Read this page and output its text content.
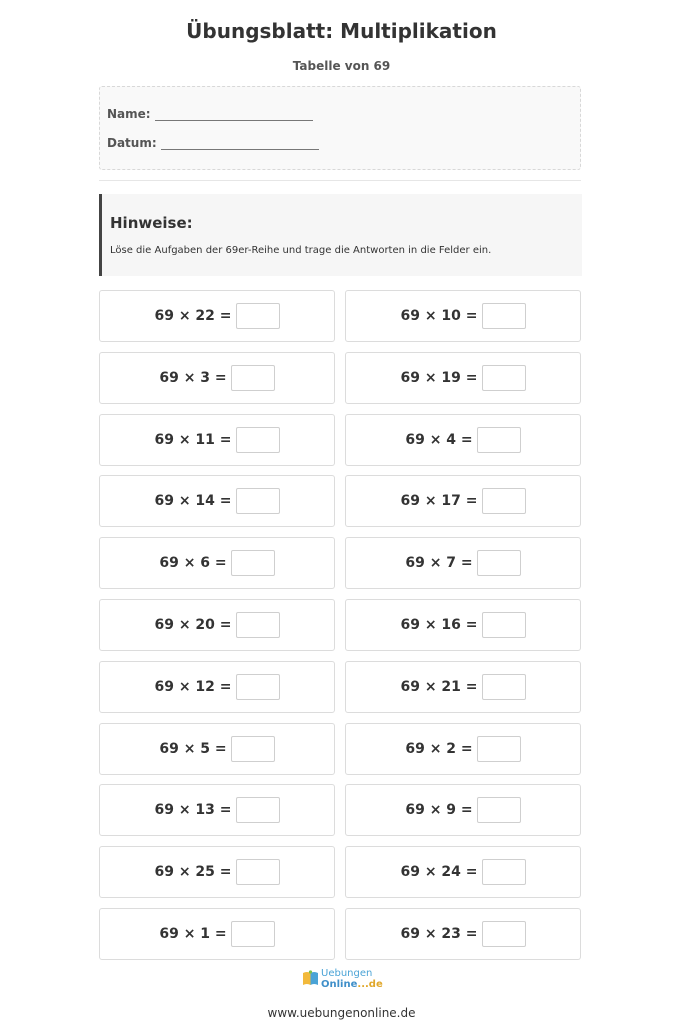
Übungsblatt: Multiplikation
Tabelle von 69
Name:
Datum:
Hinweise:
Löse die Aufgaben der 69er-Reihe und trage die Antworten in die Felder ein.
69 × 22 =	69 × 10 =
69 × 3 =	69 × 19 =
69 × 11 =	69 × 4 =
69 × 14 =	69 × 17 =
69 × 6 =	69 × 7 =
69 × 20 =	69 × 16 =
69 × 12 =	69 × 21 =
69 × 5 =	69 × 2 =
69 × 13 =	69 × 9 =
69 × 25 =	69 × 24 =
69 × 1 =	69 × 23 =
Uebungen
Online...de
www.uebungenonline.de
